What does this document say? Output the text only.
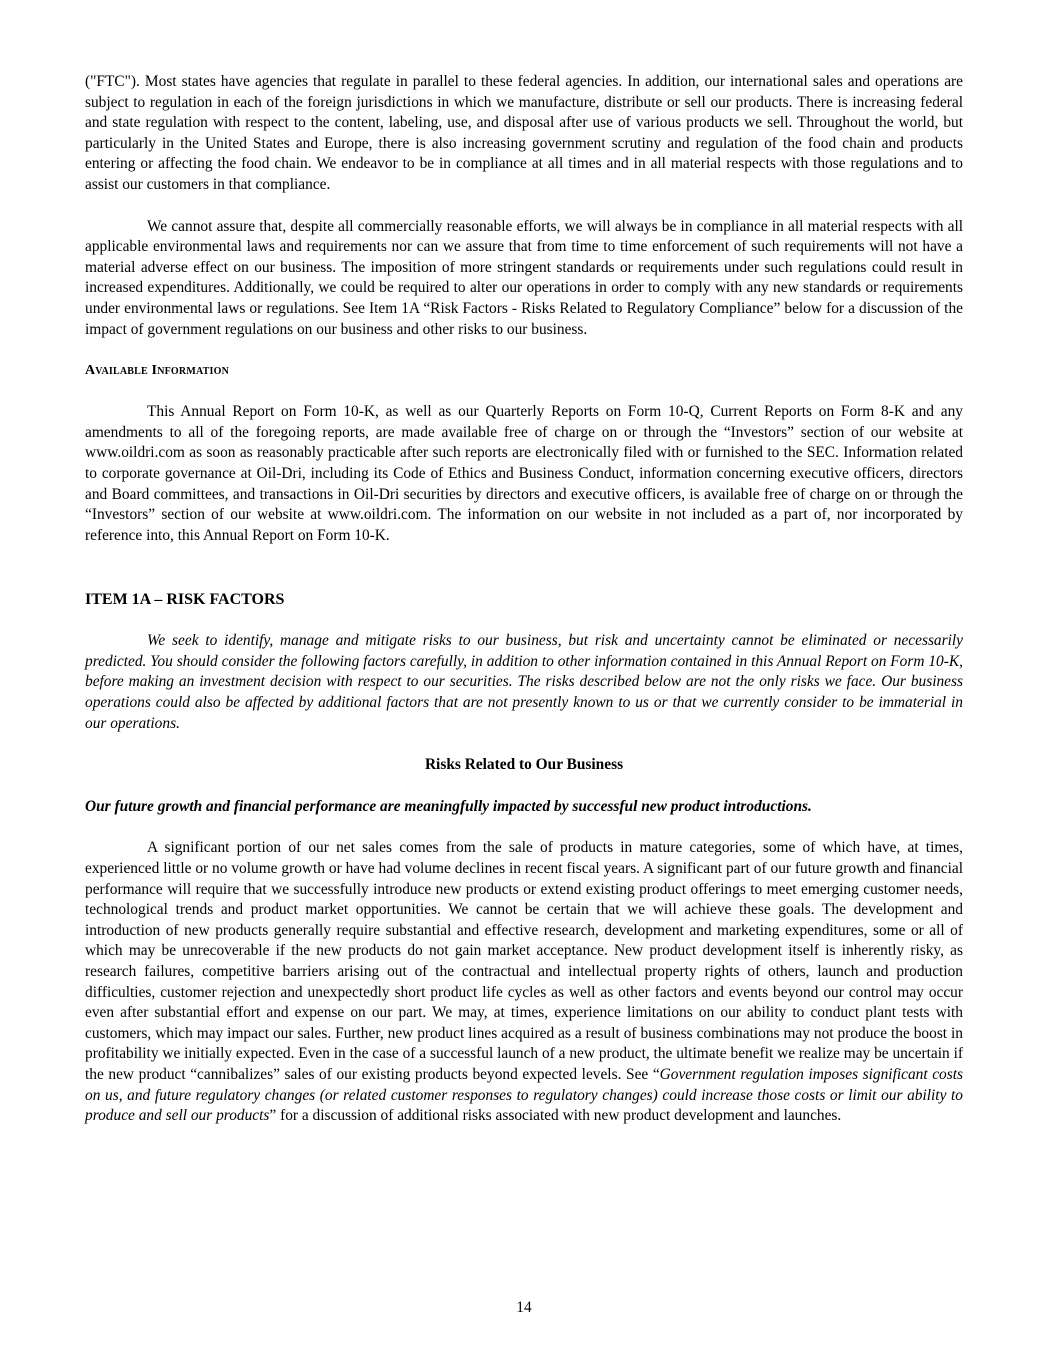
("FTC"). Most states have agencies that regulate in parallel to these federal agencies. In addition, our international sales and operations are subject to regulation in each of the foreign jurisdictions in which we manufacture, distribute or sell our products. There is increasing federal and state regulation with respect to the content, labeling, use, and disposal after use of various products we sell. Throughout the world, but particularly in the United States and Europe, there is also increasing government scrutiny and regulation of the food chain and products entering or affecting the food chain. We endeavor to be in compliance at all times and in all material respects with those regulations and to assist our customers in that compliance.

We cannot assure that, despite all commercially reasonable efforts, we will always be in compliance in all material respects with all applicable environmental laws and requirements nor can we assure that from time to time enforcement of such requirements will not have a material adverse effect on our business. The imposition of more stringent standards or requirements under such regulations could result in increased expenditures. Additionally, we could be required to alter our operations in order to comply with any new standards or requirements under environmental laws or regulations. See Item 1A “Risk Factors - Risks Related to Regulatory Compliance” below for a discussion of the impact of government regulations on our business and other risks to our business.

Available Information

This Annual Report on Form 10-K, as well as our Quarterly Reports on Form 10-Q, Current Reports on Form 8-K and any amendments to all of the foregoing reports, are made available free of charge on or through the “Investors” section of our website at www.oildri.com as soon as reasonably practicable after such reports are electronically filed with or furnished to the SEC. Information related to corporate governance at Oil-Dri, including its Code of Ethics and Business Conduct, information concerning executive officers, directors and Board committees, and transactions in Oil-Dri securities by directors and executive officers, is available free of charge on or through the “Investors” section of our website at www.oildri.com. The information on our website in not included as a part of, nor incorporated by reference into, this Annual Report on Form 10-K.

ITEM 1A – RISK FACTORS

We seek to identify, manage and mitigate risks to our business, but risk and uncertainty cannot be eliminated or necessarily predicted. You should consider the following factors carefully, in addition to other information contained in this Annual Report on Form 10-K, before making an investment decision with respect to our securities. The risks described below are not the only risks we face. Our business operations could also be affected by additional factors that are not presently known to us or that we currently consider to be immaterial in our operations.

Risks Related to Our Business

Our future growth and financial performance are meaningfully impacted by successful new product introductions.

A significant portion of our net sales comes from the sale of products in mature categories, some of which have, at times, experienced little or no volume growth or have had volume declines in recent fiscal years. A significant part of our future growth and financial performance will require that we successfully introduce new products or extend existing product offerings to meet emerging customer needs, technological trends and product market opportunities. We cannot be certain that we will achieve these goals. The development and introduction of new products generally require substantial and effective research, development and marketing expenditures, some or all of which may be unrecoverable if the new products do not gain market acceptance. New product development itself is inherently risky, as research failures, competitive barriers arising out of the contractual and intellectual property rights of others, launch and production difficulties, customer rejection and unexpectedly short product life cycles as well as other factors and events beyond our control may occur even after substantial effort and expense on our part. We may, at times, experience limitations on our ability to conduct plant tests with customers, which may impact our sales. Further, new product lines acquired as a result of business combinations may not produce the boost in profitability we initially expected. Even in the case of a successful launch of a new product, the ultimate benefit we realize may be uncertain if the new product “cannibalizes” sales of our existing products beyond expected levels. See “Government regulation imposes significant costs on us, and future regulatory changes (or related customer responses to regulatory changes) could increase those costs or limit our ability to produce and sell our products” for a discussion of additional risks associated with new product development and launches.

14
